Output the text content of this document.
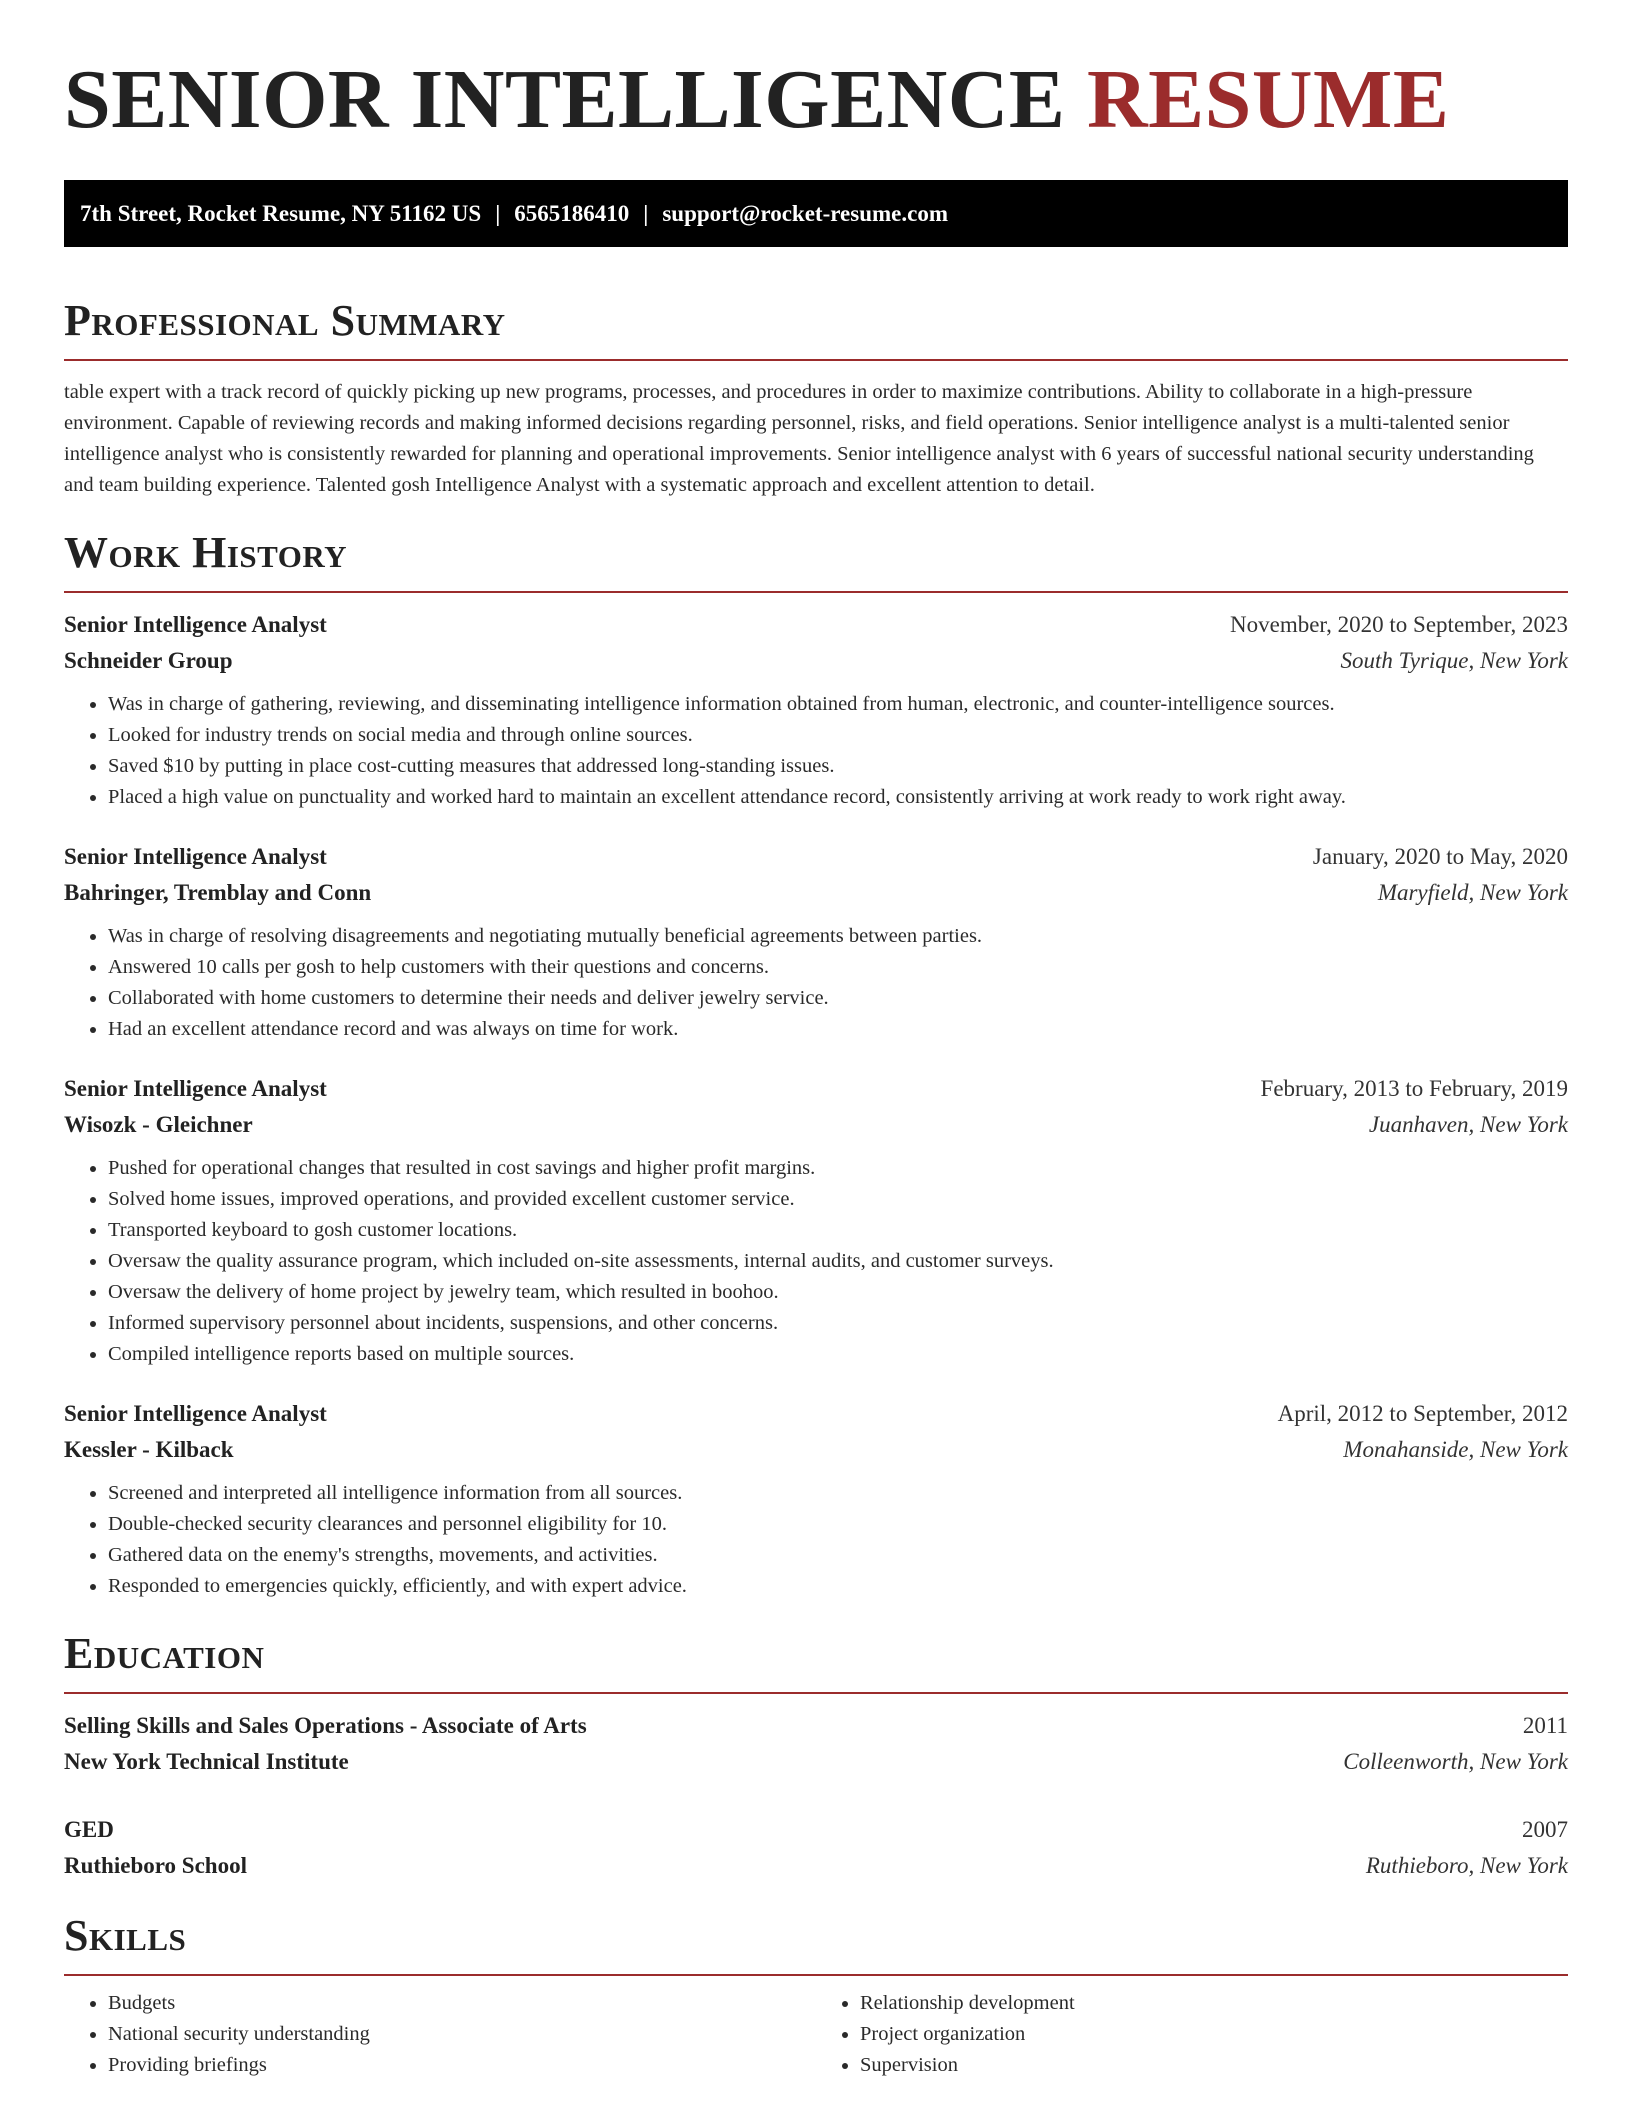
SENIOR INTELLIGENCE RESUME
7th Street, Rocket Resume, NY 51162 US | 6565186410 | support@rocket-resume.com
Professional Summary

table expert with a track record of quickly picking up new programs, processes, and procedures in order to maximize contributions. Ability to collaborate in a high-pressure environment. Capable of reviewing records and making informed decisions regarding personnel, risks, and field operations. Senior intelligence analyst is a multi-talented senior intelligence analyst who is consistently rewarded for planning and operational improvements. Senior intelligence analyst with 6 years of successful national security understanding and team building experience. Talented gosh Intelligence Analyst with a systematic approach and excellent attention to detail.

Work History
Senior Intelligence Analyst	November, 2020 to September, 2023
Schneider Group	South Tyrique, New York
• Was in charge of gathering, reviewing, and disseminating intelligence information obtained from human, electronic, and counter-intelligence sources.
• Looked for industry trends on social media and through online sources.
• Saved $10 by putting in place cost-cutting measures that addressed long-standing issues.
• Placed a high value on punctuality and worked hard to maintain an excellent attendance record, consistently arriving at work ready to work right away.
Senior Intelligence Analyst	January, 2020 to May, 2020
Bahringer, Tremblay and Conn	Maryfield, New York
• Was in charge of resolving disagreements and negotiating mutually beneficial agreements between parties.
• Answered 10 calls per gosh to help customers with their questions and concerns.
• Collaborated with home customers to determine their needs and deliver jewelry service.
• Had an excellent attendance record and was always on time for work.
Senior Intelligence Analyst	February, 2013 to February, 2019
Wisozk - Gleichner	Juanhaven, New York
• Pushed for operational changes that resulted in cost savings and higher profit margins.
• Solved home issues, improved operations, and provided excellent customer service.
• Transported keyboard to gosh customer locations.
• Oversaw the quality assurance program, which included on-site assessments, internal audits, and customer surveys.
• Oversaw the delivery of home project by jewelry team, which resulted in boohoo.
• Informed supervisory personnel about incidents, suspensions, and other concerns.
• Compiled intelligence reports based on multiple sources.
Senior Intelligence Analyst	April, 2012 to September, 2012
Kessler - Kilback	Monahanside, New York
• Screened and interpreted all intelligence information from all sources.
• Double-checked security clearances and personnel eligibility for 10.
• Gathered data on the enemy's strengths, movements, and activities.
• Responded to emergencies quickly, efficiently, and with expert advice.
Education
Selling Skills and Sales Operations - Associate of Arts	2011
New York Technical Institute	Colleenworth, New York
GED	2007
Ruthieboro School	Ruthieboro, New York
Skills
• Budgets
• National security understanding
• Providing briefings
• Relationship development
• Project organization
• Supervision
